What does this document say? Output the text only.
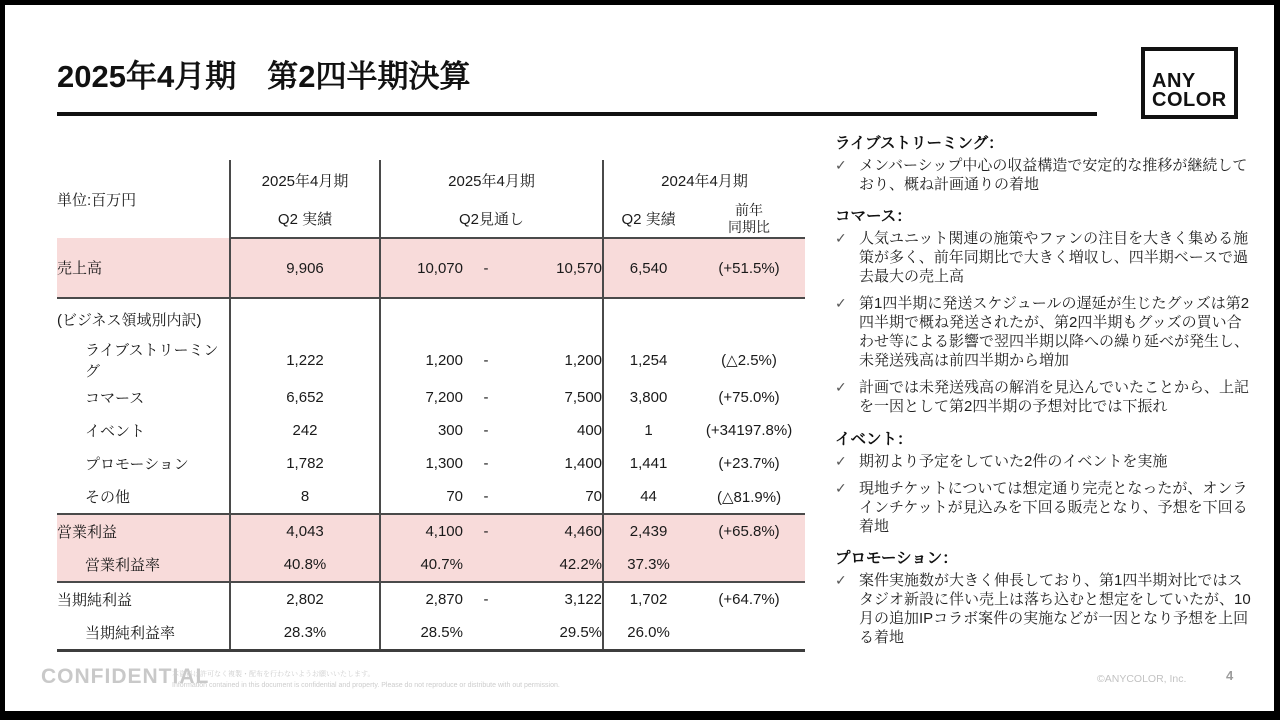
2025年4月期　第2四半期決算	ANY
COLOR
単位:百万円	2025年4月期	2025年4月期			2024年4月期	
	Q2 実績	Q2見通し			Q2 実績	前年
同期比

売上高	9,906	10,070	-	10,570	6,540	(+51.5%)
(ビジネス領域別内訳)						
ライブストリーミング	1,222	1,200	-	1,200	1,254	(△2.5%)
コマース	6,652	7,200	-	7,500	3,800	(+75.0%)
イベント	242	300	-	400	1	(+34197.8%)
プロモーション	1,782	1,300	-	1,400	1,441	(+23.7%)
その他	8	70	-	70	44	(△81.9%)
営業利益	4,043	4,100	-	4,460	2,439	(+65.8%)
営業利益率	40.8%	40.7%		42.2%	37.3%	
当期純利益	2,802	2,870	-	3,122	1,702	(+64.7%)
当期純利益率	28.3%	28.5%		29.5%	26.0%	
ライブストリーミング：
✓ メンバーシップ中心の収益構造で安定的な推移が継続しており、概ね計画通りの着地
コマース：
✓ 人気ユニット関連の施策やファンの注目を大きく集める施策が多く、前年同期比で大きく増収し、四半期ベースで過去最大の売上高
✓ 第1四半期に発送スケジュールの遅延が生じたグッズは第2四半期で概ね発送されたが、第2四半期もグッズの買い合わせ等による影響で翌四半期以降への繰り延べが発生し、未発送残高は前四半期から増加
✓ 計画では未発送残高の解消を見込んでいたことから、上記を一因として第2四半期の予想対比では下振れ
イベント：
✓ 期初より予定をしていた2件のイベントを実施
✓ 現地チケットについては想定通り完売となったが、オンラインチケットが見込みを下回る販売となり、予想を下回る着地
プロモーション：
✓ 案件実施数が大きく伸長しており、第1四半期対比ではスタジオ新設に伴い売上は落ち込むと想定をしていたが、10月の追加IPコラボ案件の実施などが一因となり予想を上回る着地
CONFIDENTIAL
本資料は許可なく複製・配布を行わないようお願いいたします。
Information contained in this document is confidential and property. Please do not reproduce or distribute with out permission.
©ANYCOLOR, Inc.	4
